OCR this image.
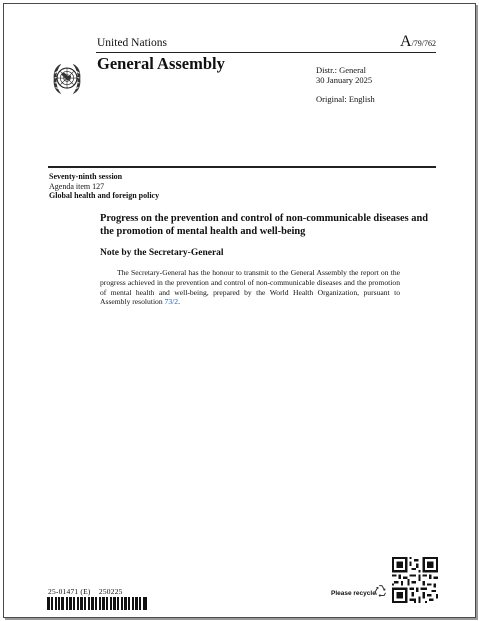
United Nations	A/79/762
General Assembly	Distr.: General
30 January 2025
Original: English
Seventy-ninth session
Agenda item 127
Global health and foreign policy
Progress on the prevention and control of non-communicable diseases and the promotion of mental health and well-being
Note by the Secretary-General
The Secretary-General has the honour to transmit to the General Assembly the report on the progress achieved in the prevention and control of non-communicable diseases and the promotion of mental health and well-being, prepared by the World Health Organization, pursuant to Assembly resolution 73/2.
25-01471 (E)    250225	Please recycle
